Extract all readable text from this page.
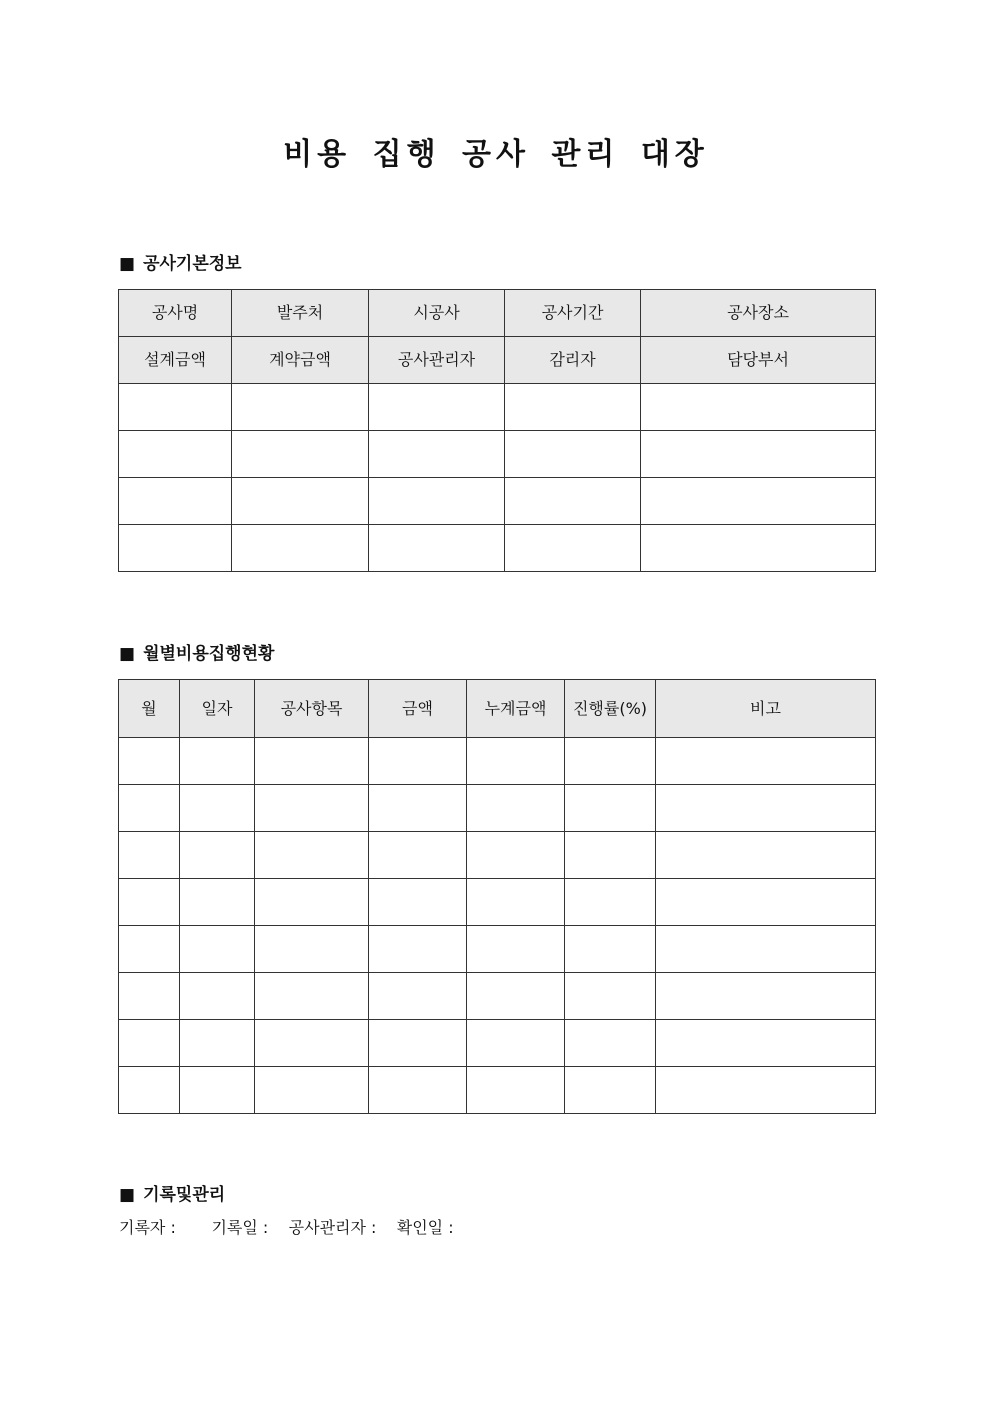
비용 집행 공사 관리 대장
■ 공사기본정보
공사명	발주처	시공사	공사기간	공사장소
설계금액	계약금액	공사관리자	감리자	담당부서

■ 월별비용집행현황
월	일자	공사항목	금액	누계금액	진행률(%)	비고

■ 기록및관리
기록자 :       기록일 :    공사관리자 :    확인일 :
